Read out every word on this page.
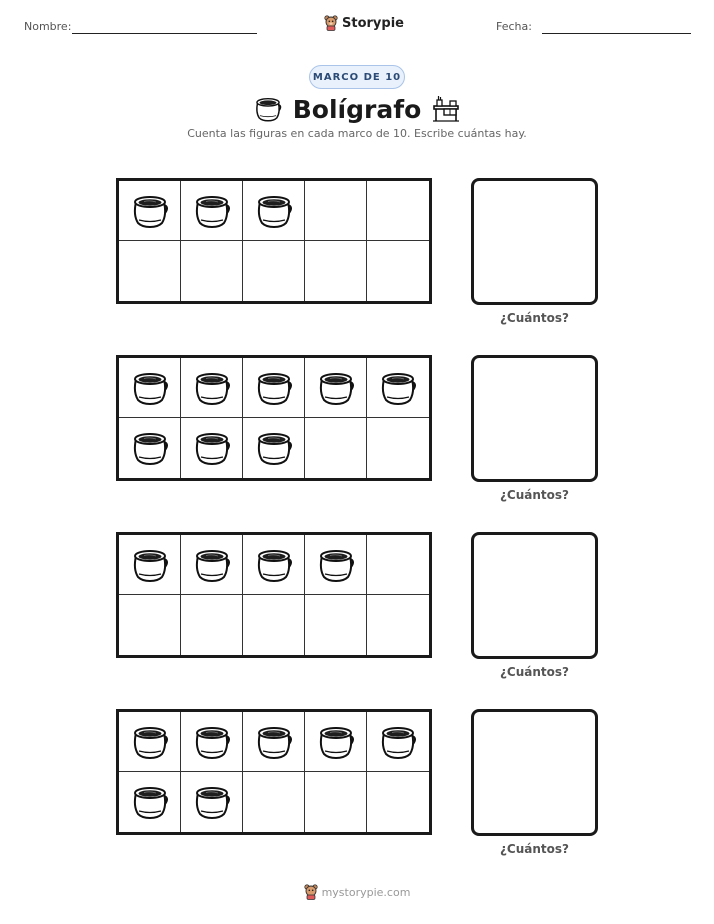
Nombre:	Storypie	Fecha:
MARCO DE 10
Bolígrafo
Cuenta las figuras en cada marco de 10. Escribe cuántas hay.
¿Cuántos?
¿Cuántos?
¿Cuántos?
¿Cuántos?
mystorypie.com
